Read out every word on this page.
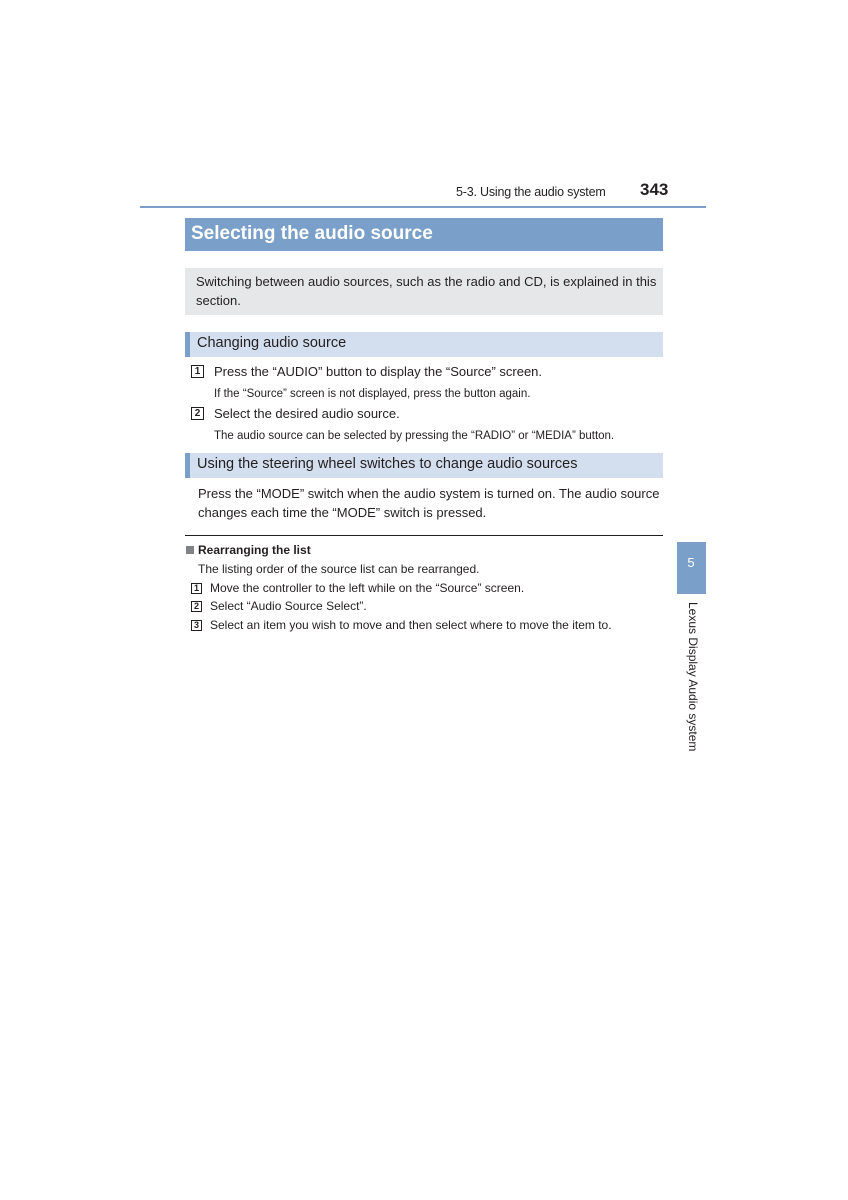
5-3. Using the audio system 343
Selecting the audio source
Switching between audio sources, such as the radio and CD, is explained in this section.
Changing audio source
1 Press the “AUDIO” button to display the “Source” screen.
If the “Source” screen is not displayed, press the button again.
2 Select the desired audio source.
The audio source can be selected by pressing the “RADIO” or “MEDIA” button.
Using the steering wheel switches to change audio sources
Press the “MODE” switch when the audio system is turned on. The audio source changes each time the “MODE” switch is pressed.
Rearranging the list
The listing order of the source list can be rearranged.
1 Move the controller to the left while on the “Source” screen.
2 Select “Audio Source Select”.
3 Select an item you wish to move and then select where to move the item to.
5
Lexus Display Audio system
